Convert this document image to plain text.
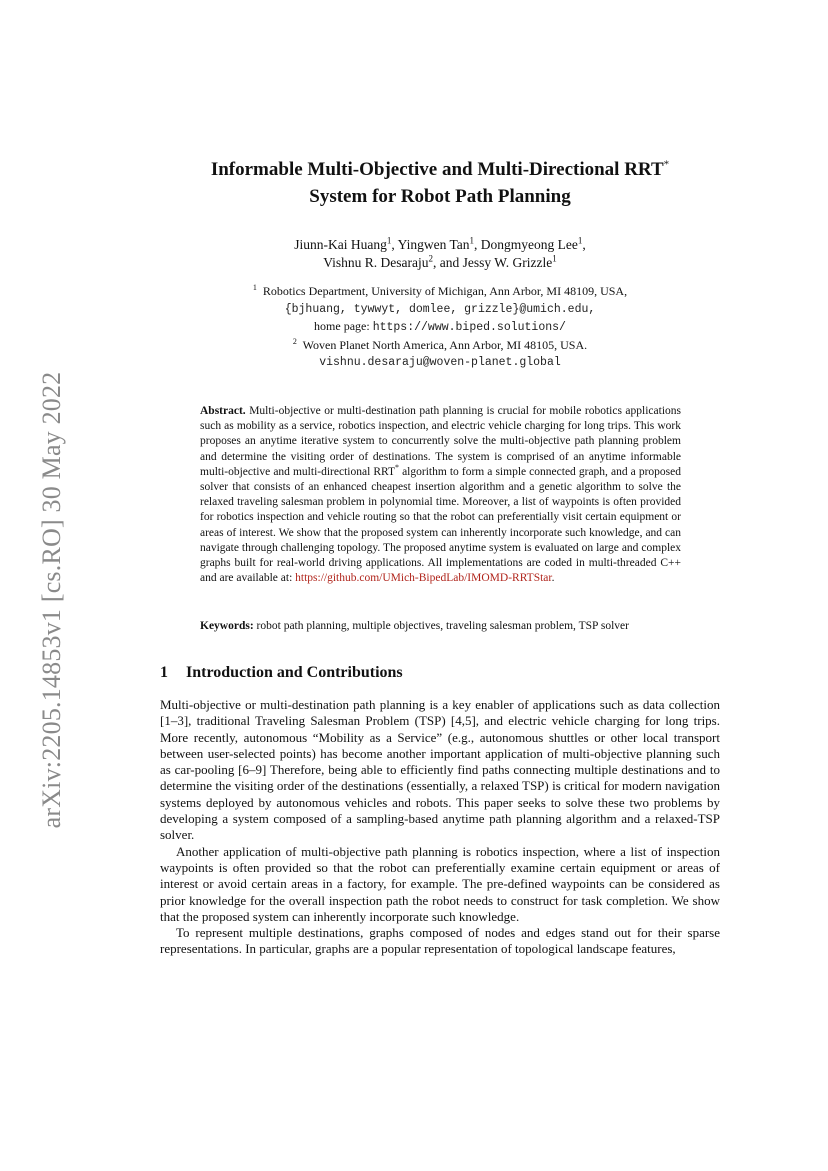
arXiv:2205.14853v1 [cs.RO] 30 May 2022
Informable Multi-Objective and Multi-Directional RRT*
System for Robot Path Planning
Jiunn-Kai Huang$^1$, Yingwen Tan$^1$, Dongmyeong Lee$^1$,
Vishnu R. Desaraju$^2$, and Jessy W. Grizzle$^1$
$^1$ Robotics Department, University of Michigan, Ann Arbor, MI 48109, USA,
{bjhuang, tywwyt, domlee, grizzle}@umich.edu,
home page: https://www.biped.solutions/
$^2$ Woven Planet North America, Ann Arbor, MI 48105, USA.
vishnu.desaraju@woven-planet.global
Abstract. Multi-objective or multi-destination path planning is crucial for mobile robotics applications such as mobility as a service, robotics inspection, and electric vehicle charging for long trips. This work proposes an anytime iterative system to concurrently solve the multi-objective path planning problem and determine the visiting order of destinations. The system is comprised of an anytime informable multi-objective and multi-directional RRT* algorithm to form a simple connected graph, and a proposed solver that consists of an enhanced cheapest insertion algorithm and a genetic algorithm to solve the relaxed traveling salesman problem in polynomial time. Moreover, a list of waypoints is often provided for robotics inspection and vehicle routing so that the robot can preferentially visit certain equipment or areas of interest. We show that the proposed system can inherently incorporate such knowledge, and can navigate through challenging topology. The proposed anytime system is evaluated on large and complex graphs built for real-world driving applications. All implementations are coded in multi-threaded C++ and are available at: https://github.com/UMich-BipedLab/IMOMD-RRTStar.
Keywords: robot path planning, multiple objectives, traveling salesman problem, TSP solver
1 Introduction and Contributions

Multi-objective or multi-destination path planning is a key enabler of applications such as data collection [1–3], traditional Traveling Salesman Problem (TSP) [4,5], and electric vehicle charging for long trips. More recently, autonomous “Mobility as a Service” (e.g., autonomous shuttles or other local transport between user-selected points) has become another important application of multi-objective planning such as car-pooling [6–9] Therefore, being able to efficiently find paths connecting multiple destinations and to determine the visiting order of the destinations (essentially, a relaxed TSP) is critical for modern navigation systems deployed by autonomous vehicles and robots. This paper seeks to solve these two problems by developing a system composed of a sampling-based anytime path planning algorithm and a relaxed-TSP solver.

Another application of multi-objective path planning is robotics inspection, where a list of inspection waypoints is often provided so that the robot can preferentially examine certain equipment or areas of interest or avoid certain areas in a factory, for example. The pre-defined waypoints can be considered as prior knowledge for the overall inspection path the robot needs to construct for task completion. We show that the proposed system can inherently incorporate such knowledge.

To represent multiple destinations, graphs composed of nodes and edges stand out for their sparse representations. In particular, graphs are a popular representation of topological landscape features,
